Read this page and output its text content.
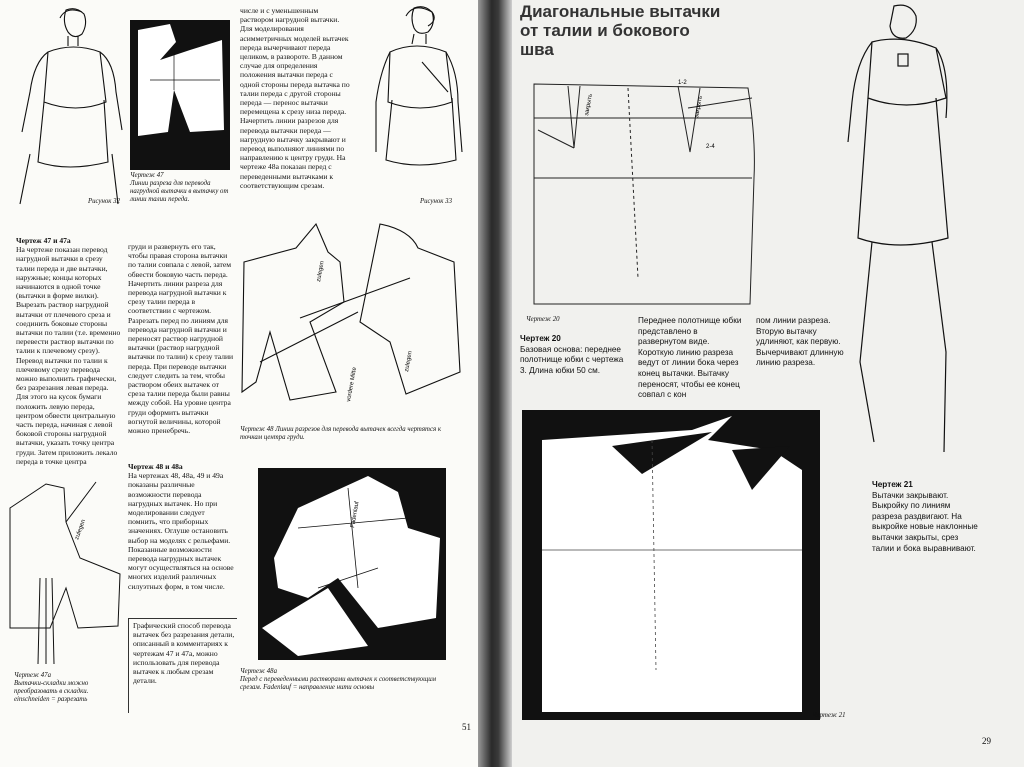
Рисунок 32
Чертеж 47
Линии разреза для перевода нагрудной вытачки в вытачку от линии талии переда.
числе и с уменьшенным раствором нагрудной вытачки. Для моделирования асимметричных моделей вытачек переда вычерчивают переда целиком, в развороте. В данном случае для определения положения вытачки переда с одной стороны переда вытачка по талии переда с другой стороны переда — перенос вытачки перемещена к срезу низа переда. Начертить линии разрезов для перевода вытачки переда — нагрудную вытачку закрывают и перевод выполняют линиями по направлению к центру груди. На чертеже 48а показан перед с переведенными вытачками к соответствующим срезам.
Рисунок 33

Чертеж 47 и 47а

На чертеже показан перевод нагрудной вытачки в срезу талии переда и две вытачки, наружные; концы которых начинаются в одной точке (вытачки в форме вилки). Вырезать раствор нагрудной вытачки от плечевого среза и соединить боковые стороны вытачки по талии (т.е. временно перевести раствор вытачки по талии к плечевому срезу). Перевод вытачки по талии к плечевому срезу перевода можно выполнить графически, без разрезания левая переда. Для этого на кусок бумаги положить левую переда, центром обвести центральную часть переда, начиная с левой боковой стороны нагрудной вытачки, указать точку центра груди. Затем приложить лекало переда в точке центра

груди и развернуть его так, чтобы правая сторона вытачки по талии совпала с левой, затем обвести боковую часть переда. Начертить линии разреза для перевода нагрудной вытачки к срезу талии переда в соответствии с чертежом. Разрезать перед по линиям для перевода нагрудной вытачки и переносят раствор нагрудной вытачки (раствор нагрудной вытачки по талии) к срезу талии переда. При переводе вытачки следует следить за тем, чтобы раствором обеих вытачек от среза талии переда были равны между собой. На уровне центра груди оформить вытачки вогнутой величины, которой можно пренебречь.
zulegen
zulegen
vordere Mitte
Чертеж 48 Линии разрезов для перевода вытачек всегда чертятся к точкам центра груди.
zulegen
Чертеж 47а
Вытачки-складки можно преобразовать в складки. einschneiden = разрезать

Чертеж 48 и 48а

На чертежах 48, 48а, 49 и 49а показаны различные возможности перевода нагрудных вытачек. Но при моделировании следует помнить, что приборных значениях. Оглуше остановить выбор на моделях с рельефами. Показанные возможности перевода нагрудных вытачек могут осуществляться на основе многих изделий различных силуэтных форм, в том числе.

Графический способ перевода вытачек без разрезания детали, описанный в комментариях к чертежам 47 и 47а, можно использовать для перевода вытачек к любым срезам детали.
Fadenlauf
Чертеж 48а
Перед с переведенными растворами вытачек к соответствующим срезам. Fadenlauf = направление нити основы
51
Диагональные вытачки
от талии и бокового
шва
1-2
2-4
закрыть	закрыть
Чертеж 20

Чертеж 20

Базовая основа: переднее полотнище юбки с чертежа 3. Длина юбки 50 см.

Переднее полотнище юбки представлено в развернутом виде. Короткую линию разреза ведут от линии бока через конец вытачки. Вытачку переносят, чтобы ее конец совпал с кон
пом линии разреза. Вторую вытачку удлиняют, как первую. Вычерчивают длинную линию разреза.
Чертеж 21

Чертеж 21

Вытачки закрывают. Выкройку по линиям разреза раздвигают. На выкройке новые наклонные вытачки закрыты, срез талии и бока выравнивают.

29
